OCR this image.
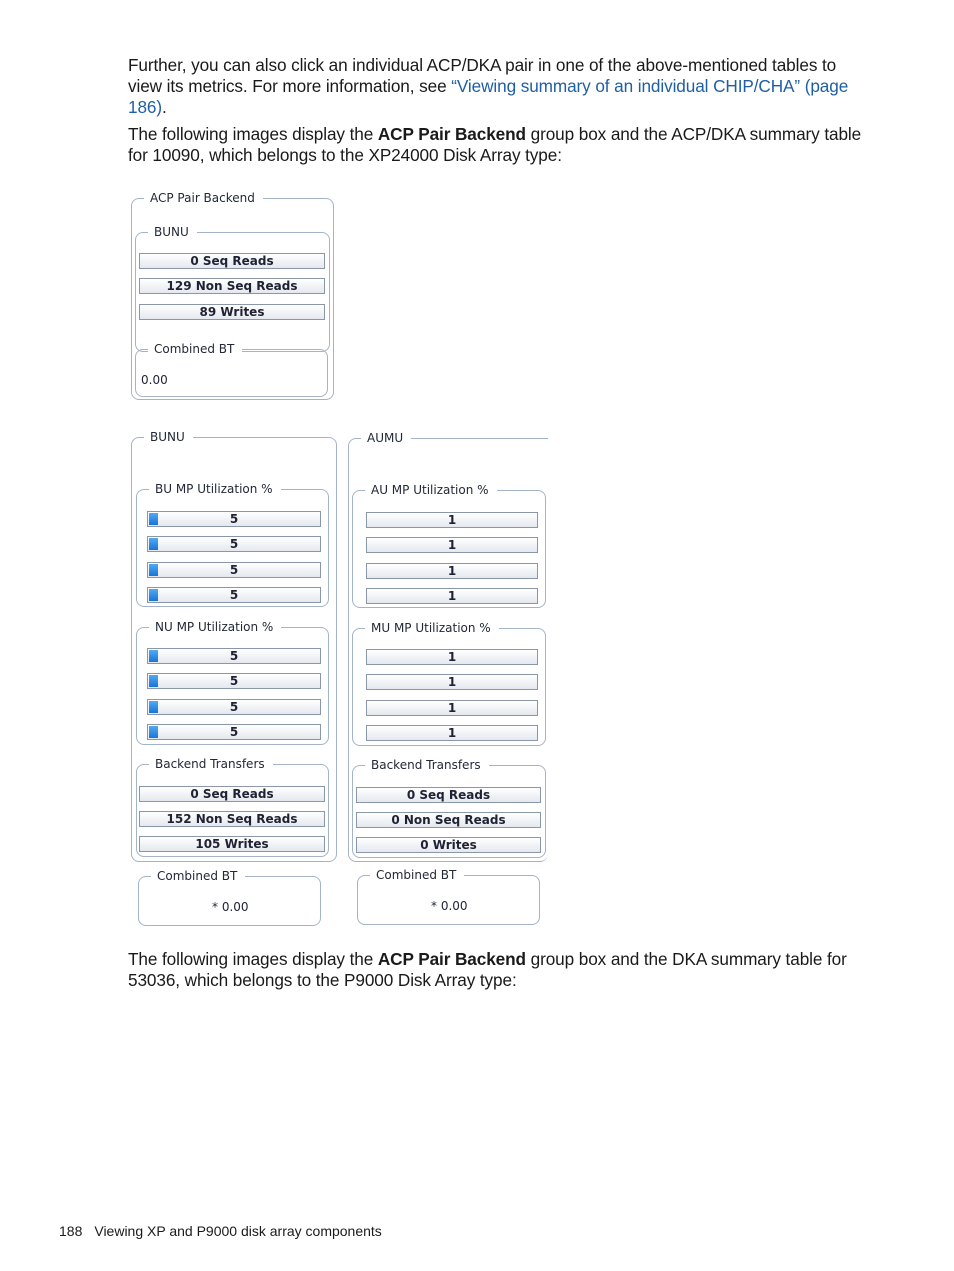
Further, you can also click an individual ACP/DKA pair in one of the above-mentioned tables to view its metrics. For more information, see “Viewing summary of an individual CHIP/CHA” (page 186).
The following images display the ACP Pair Backend group box and the ACP/DKA summary table for 10090, which belongs to the XP24000 Disk Array type:
ACP Pair Backend
BUNU
0 Seq Reads
129 Non Seq Reads
89 Writes
Combined BT
0.00
BUNU
BU MP Utilization %
5
5
5
5
NU MP Utilization %
5
5
5
5
Backend Transfers
0 Seq Reads
152 Non Seq Reads
105 Writes
Combined BT
* 0.00
AUMU
AU MP Utilization %
1
1
1
1
MU MP Utilization %
1
1
1
1
Backend Transfers
0 Seq Reads
0 Non Seq Reads
0 Writes
Combined BT
* 0.00
The following images display the ACP Pair Backend group box and the DKA summary table for 53036, which belongs to the P9000 Disk Array type:
188 Viewing XP and P9000 disk array components
